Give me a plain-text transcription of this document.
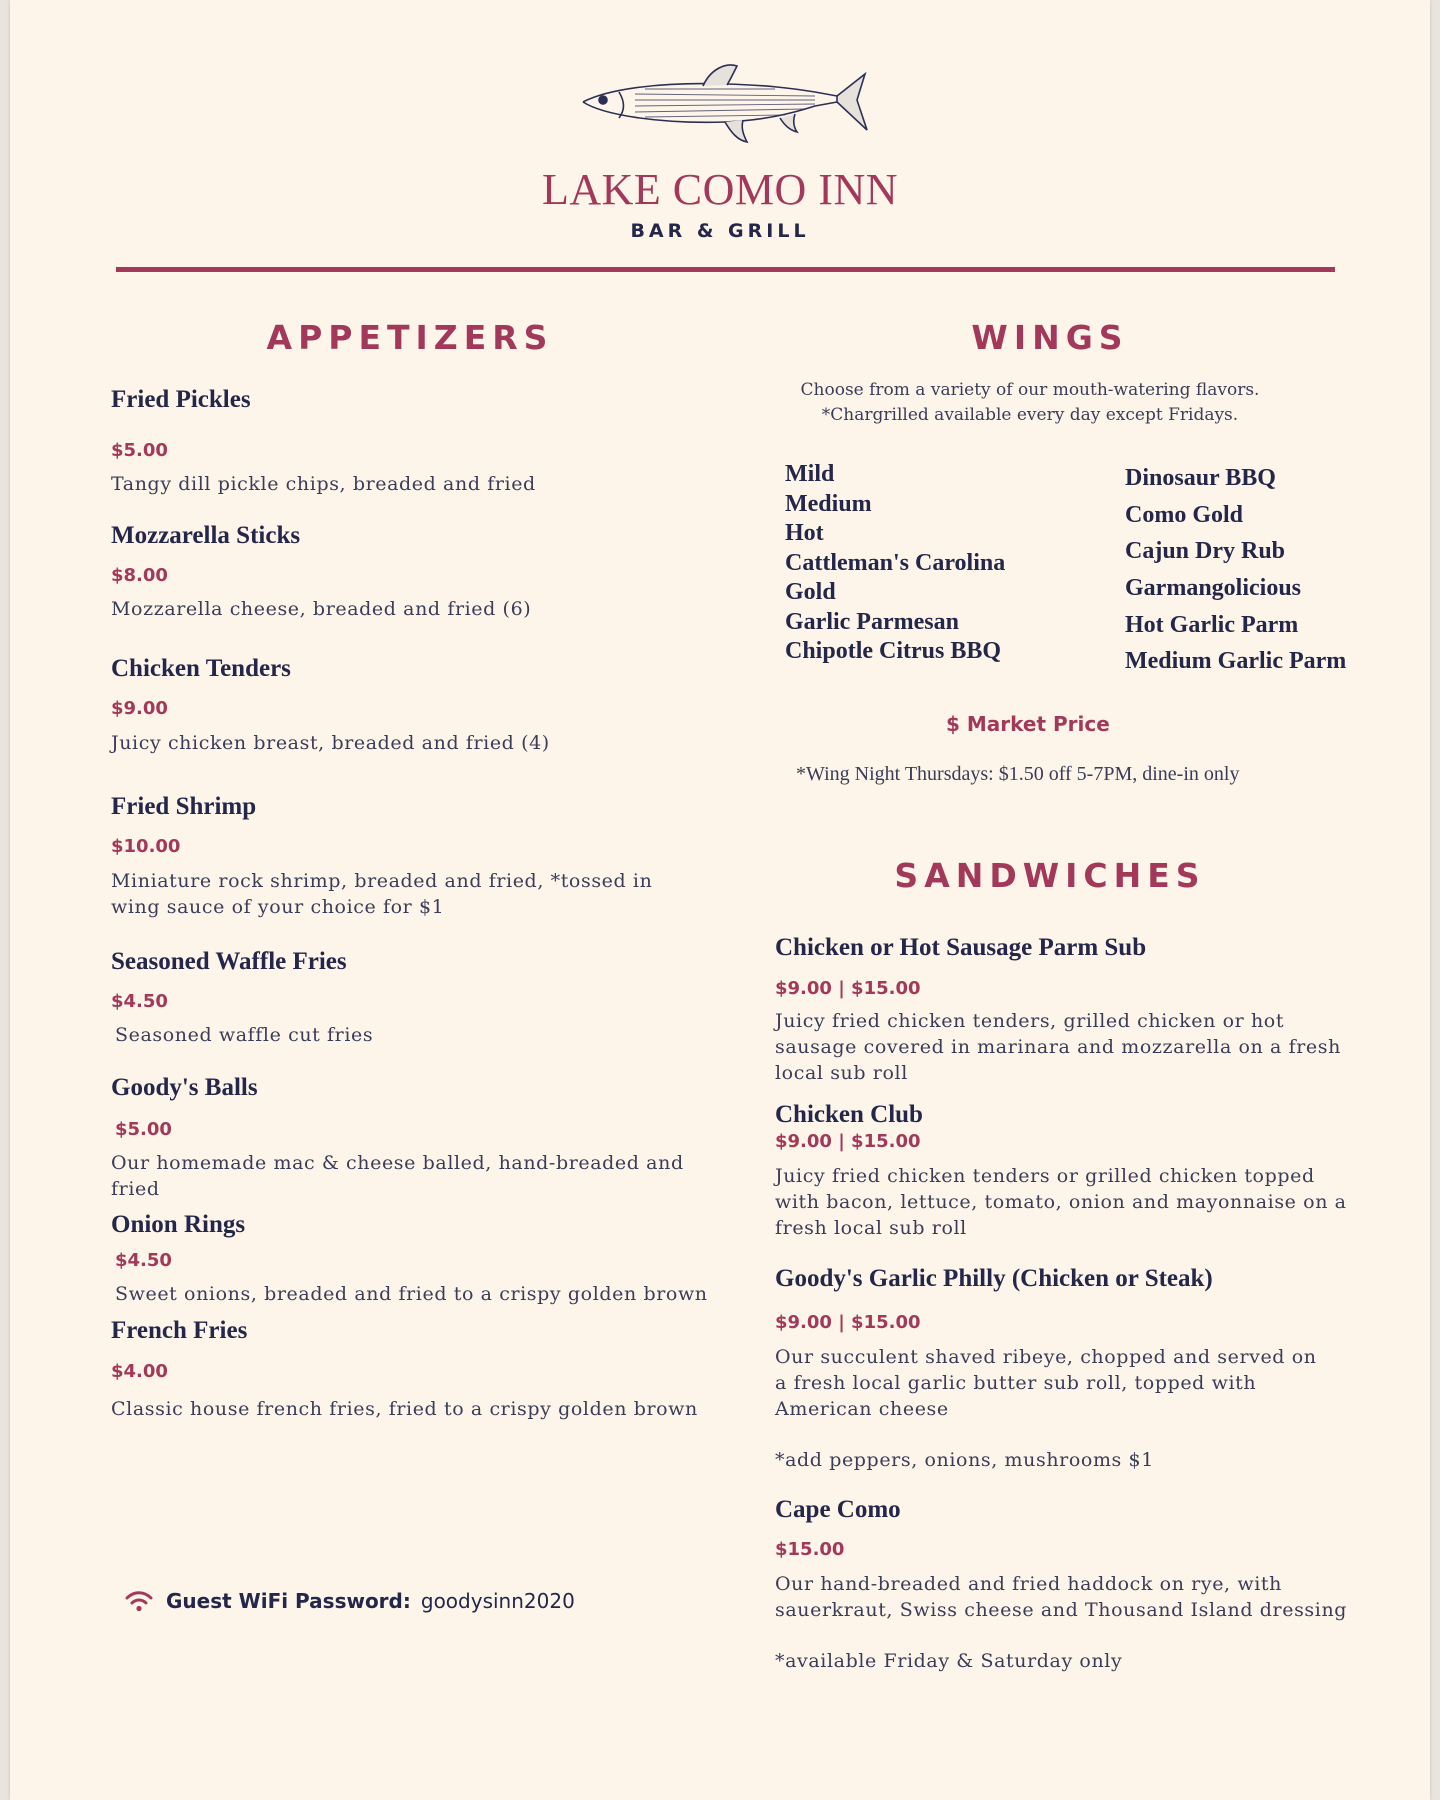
LAKE COMO INN
BAR & GRILL
APPETIZERS
Fried Pickles
$5.00
Tangy dill pickle chips, breaded and fried
Mozzarella Sticks
$8.00
Mozzarella cheese, breaded and fried (6)
Chicken Tenders
$9.00
Juicy chicken breast, breaded and fried (4)
Fried Shrimp
$10.00
Miniature rock shrimp, breaded and fried, *tossed in wing sauce of your choice for $1
Seasoned Waffle Fries
$4.50
Seasoned waffle cut fries
Goody's Balls
$5.00
Our homemade mac & cheese balled, hand-breaded and fried
Onion Rings
$4.50
Sweet onions, breaded and fried to a crispy golden brown
French Fries
$4.00
Classic house french fries, fried to a crispy golden brown
WINGS
Choose from a variety of our mouth-watering flavors.
*Chargrilled available every day except Fridays.
Mild
Medium
Hot
Cattleman's Carolina
Gold
Garlic Parmesan
Chipotle Citrus BBQ
Dinosaur BBQ
Como Gold
Cajun Dry Rub
Garmangolicious
Hot Garlic Parm
Medium Garlic Parm
$ Market Price
*Wing Night Thursdays: $1.50 off 5-7PM, dine-in only
SANDWICHES
Chicken or Hot Sausage Parm Sub
$9.00 | $15.00
Juicy fried chicken tenders, grilled chicken or hot sausage covered in marinara and mozzarella on a fresh local sub roll
Chicken Club
$9.00 | $15.00
Juicy fried chicken tenders or grilled chicken topped with bacon, lettuce, tomato, onion and mayonnaise on a fresh local sub roll
Goody's Garlic Philly (Chicken or Steak)
$9.00 | $15.00
Our succulent shaved ribeye, chopped and served on a fresh local garlic butter sub roll, topped with American cheese
*add peppers, onions, mushrooms $1
Cape Como
$15.00
Our hand-breaded and fried haddock on rye, with sauerkraut, Swiss cheese and Thousand Island dressing
*available Friday & Saturday only
Guest WiFi Password: goodysinn2020
